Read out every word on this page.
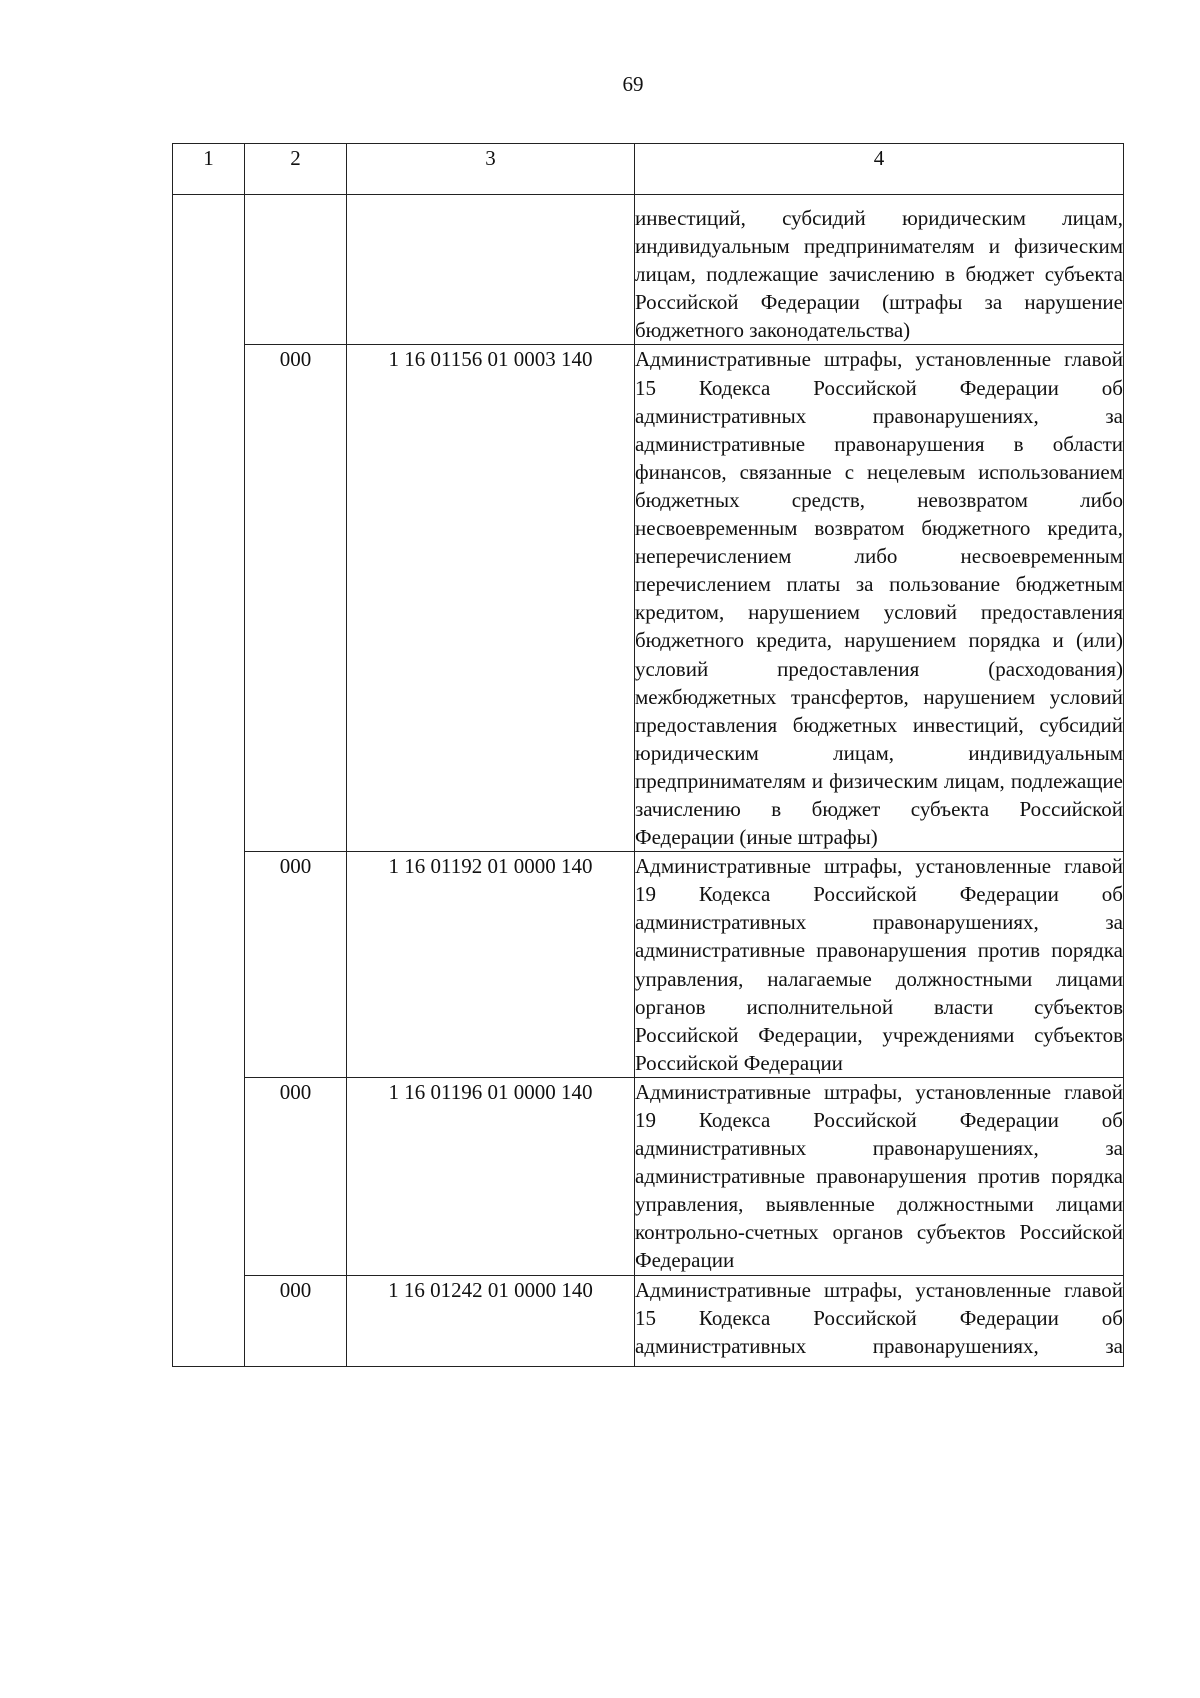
69
1	2	3	4

			инвестиций, субсидий юридическим лицам, индивидуальным предпринимателям и физическим лицам, подлежащие зачислению в бюджет субъекта Российской Федерации (штрафы за нарушение бюджетного законодательства)

	000	1 16 01156 01 0003 140	Административные штрафы, установленные главой 15 Кодекса Российской Федерации об административных правонарушениях, за административные правонарушения в области финансов, связанные с нецелевым использованием бюджетных средств, невозвратом либо несвоевременным возвратом бюджетного кредита, неперечислением либо несвоевременным перечислением платы за пользование бюджетным кредитом, нарушением условий предоставления бюджетного кредита, нарушением порядка и (или) условий предоставления (расходования) межбюджетных трансфертов, нарушением условий предоставления бюджетных инвестиций, субсидий юридическим лицам, индивидуальным предпринимателям и физическим лицам, подлежащие зачислению в бюджет субъекта Российской Федерации (иные штрафы)

	000	1 16 01192 01 0000 140	Административные штрафы, установленные главой 19 Кодекса Российской Федерации об административных правонарушениях, за административные правонарушения против порядка управления, налагаемые должностными лицами органов исполнительной власти субъектов Российской Федерации, учреждениями субъектов Российской Федерации

	000	1 16 01196 01 0000 140	Административные штрафы, установленные главой 19 Кодекса Российской Федерации об административных правонарушениях, за административные правонарушения против порядка управления, выявленные должностными лицами контрольно-счетных органов субъектов Российской Федерации

	000	1 16 01242 01 0000 140	Административные штрафы, установленные главой 15 Кодекса Российской Федерации об административных правонарушениях, за
